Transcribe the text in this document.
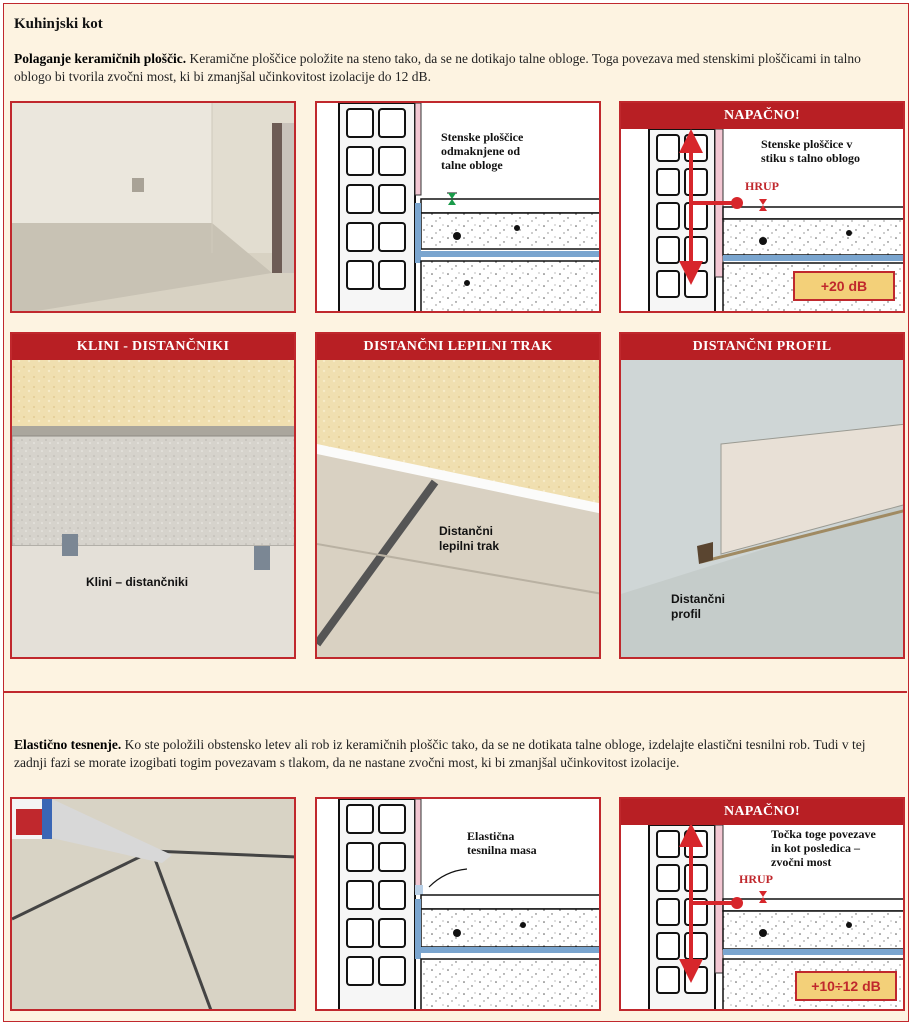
Kuhinjski kot
Polaganje keramičnih ploščic. Keramične ploščice položite na steno tako, da se ne dotikajo talne obloge. Toga povezava med stenskimi ploščicami in talno oblogo bi tvorila zvočni most, ki bi zmanjšal učinkovitost izolacije do 12 dB.
Stenske ploščice
odmaknjene od
talne obloge
NAPAČNO!
Stenske ploščice v
stiku s talno oblogo
HRUP
+20 dB
KLINI - DISTANČNIKI
Klini – distančniki
DISTANČNI LEPILNI TRAK
Distančni
lepilni trak
DISTANČNI PROFIL
Distančni
profil
Elastično tesnenje. Ko ste položili obstensko letev ali rob iz keramičnih ploščic tako, da se ne dotikata talne obloge, izdelajte elastični tesnilni rob. Tudi v tej zadnji fazi se morate izogibati togim povezavam s tlakom, da ne nastane zvočni most, ki bi zmanjšal učinkovitost izolacije.
Elastična
tesnilna masa
NAPAČNO!
Točka toge povezave
in kot posledica –
zvočni most
HRUP
+10÷12 dB
